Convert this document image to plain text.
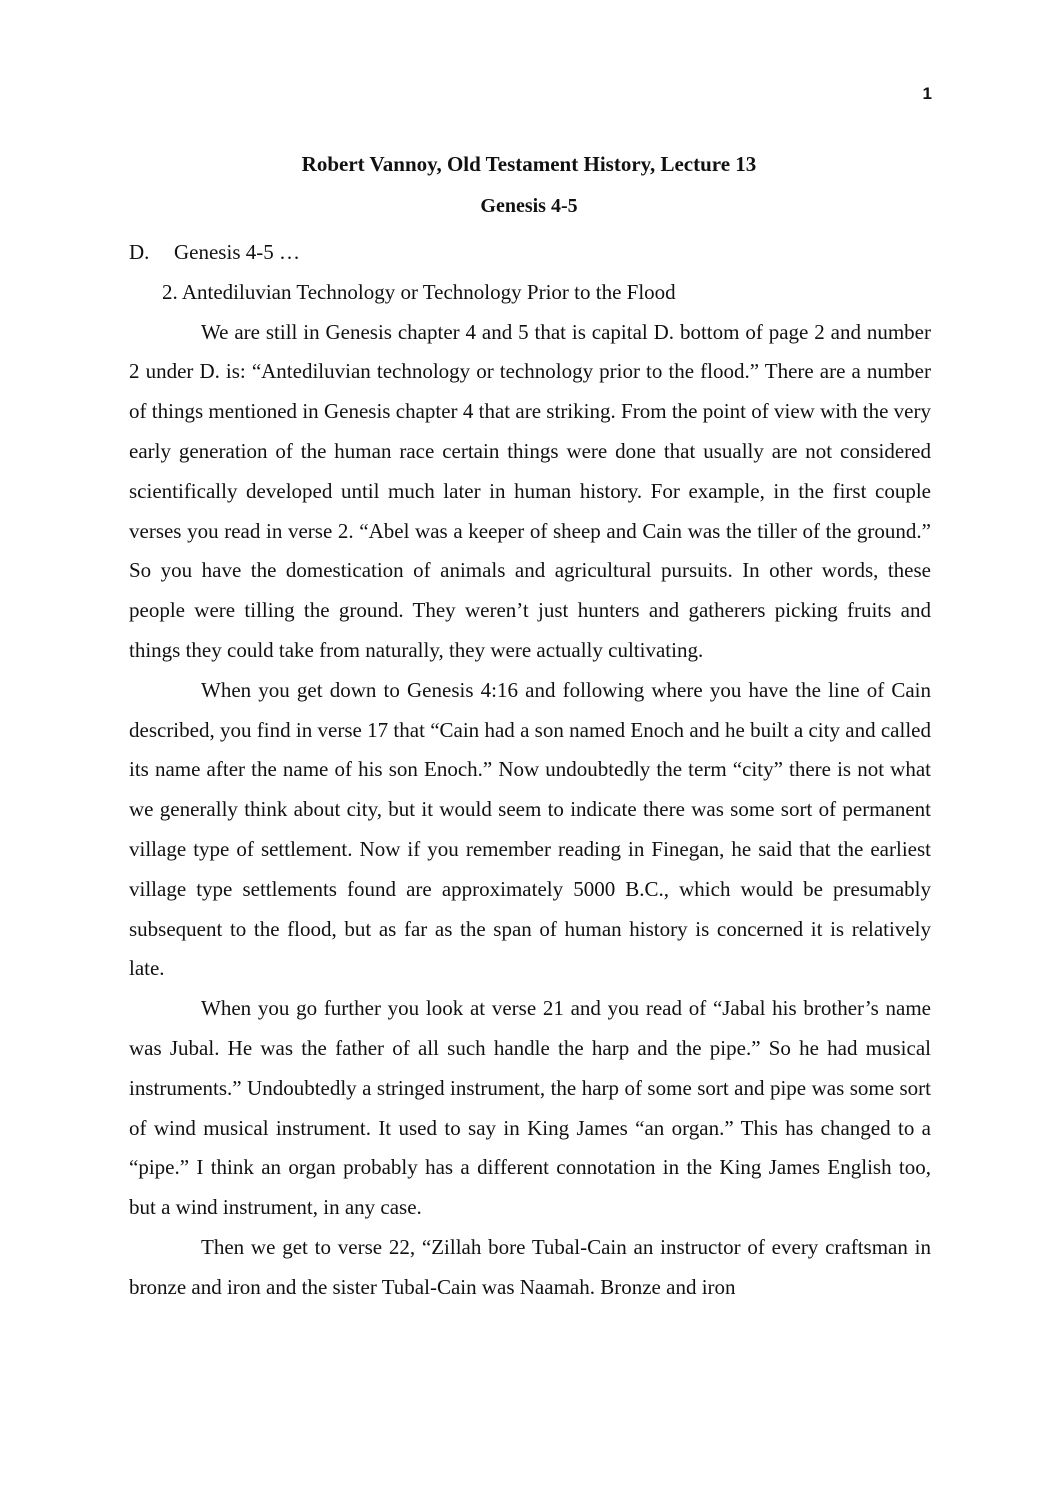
1
Robert Vannoy, Old Testament History, Lecture 13
Genesis 4-5

D. Genesis 4-5 …

2. Antediluvian Technology or Technology Prior to the Flood

We are still in Genesis chapter 4 and 5 that is capital D. bottom of page 2 and number 2 under D. is: “Antediluvian technology or technology prior to the flood.” There are a number of things mentioned in Genesis chapter 4 that are striking. From the point of view with the very early generation of the human race certain things were done that usually are not considered scientifically developed until much later in human history. For example, in the first couple verses you read in verse 2. “Abel was a keeper of sheep and Cain was the tiller of the ground.” So you have the domestication of animals and agricultural pursuits. In other words, these people were tilling the ground. They weren’t just hunters and gatherers picking fruits and things they could take from naturally, they were actually cultivating.

When you get down to Genesis 4:16 and following where you have the line of Cain described, you find in verse 17 that “Cain had a son named Enoch and he built a city and called its name after the name of his son Enoch.” Now undoubtedly the term “city” there is not what we generally think about city, but it would seem to indicate there was some sort of permanent village type of settlement. Now if you remember reading in Finegan, he said that the earliest village type settlements found are approximately 5000 B.C., which would be presumably subsequent to the flood, but as far as the span of human history is concerned it is relatively late.

When you go further you look at verse 21 and you read of “Jabal his brother’s name was Jubal. He was the father of all such handle the harp and the pipe.” So he had musical instruments.” Undoubtedly a stringed instrument, the harp of some sort and pipe was some sort of wind musical instrument. It used to say in King James “an organ.” This has changed to a “pipe.” I think an organ probably has a different connotation in the King James English too, but a wind instrument, in any case.

Then we get to verse 22, “Zillah bore Tubal-Cain an instructor of every craftsman in bronze and iron and the sister Tubal-Cain was Naamah. Bronze and iron
